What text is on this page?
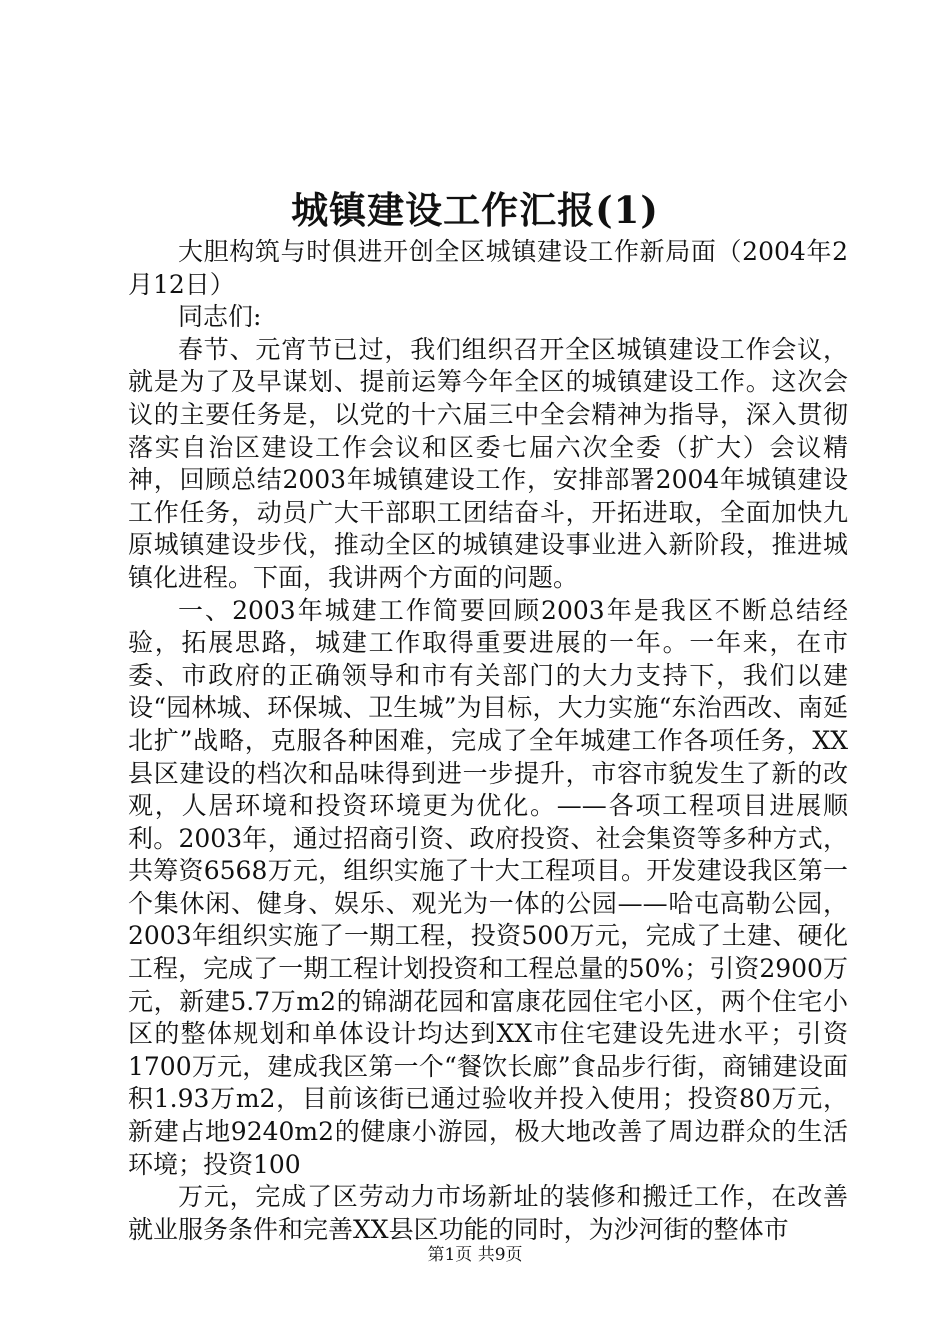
城镇建设工作汇报(1)

大胆构筑与时俱进开创全区城镇建设工作新局面（2004年2月12日）

同志们:

春节、元宵节已过，我们组织召开全区城镇建设工作会议，就是为了及早谋划、提前运筹今年全区的城镇建设工作。这次会议的主要任务是，以党的十六届三中全会精神为指导，深入贯彻落实自治区建设工作会议和区委七届六次全委（扩大）会议精神，回顾总结2003年城镇建设工作，安排部署2004年城镇建设工作任务，动员广大干部职工团结奋斗，开拓进取，全面加快九原城镇建设步伐，推动全区的城镇建设事业进入新阶段，推进城镇化进程。下面，我讲两个方面的问题。

一、2003年城建工作简要回顾2003年是我区不断总结经验，拓展思路，城建工作取得重要进展的一年。一年来，在市委、市政府的正确领导和市有关部门的大力支持下，我们以建设“园林城、环保城、卫生城”为目标，大力实施“东治西改、南延北扩”战略，克服各种困难，完成了全年城建工作各项任务，XX县区建设的档次和品味得到进一步提升，市容市貌发生了新的改观，人居环境和投资环境更为优化。——各项工程项目进展顺利。2003年，通过招商引资、政府投资、社会集资等多种方式，共筹资6568万元，组织实施了十大工程项目。开发建设我区第一个集休闲、健身、娱乐、观光为一体的公园——哈屯高勒公园，2003年组织实施了一期工程，投资500万元，完成了土建、硬化工程，完成了一期工程计划投资和工程总量的50%；引资2900万元，新建5.7万m2的锦湖花园和富康花园住宅小区，两个住宅小区的整体规划和单体设计均达到XX市住宅建设先进水平；引资1700万元，建成我区第一个“餐饮长廊”食品步行街，商铺建设面积1.93万m2，目前该街已通过验收并投入使用；投资80万元，新建占地9240m2的健康小游园，极大地改善了周边群众的生活环境；投资100

万元，完成了区劳动力市场新址的装修和搬迁工作，在改善就业服务条件和完善XX县区功能的同时，为沙河街的整体市

第1页 共9页
